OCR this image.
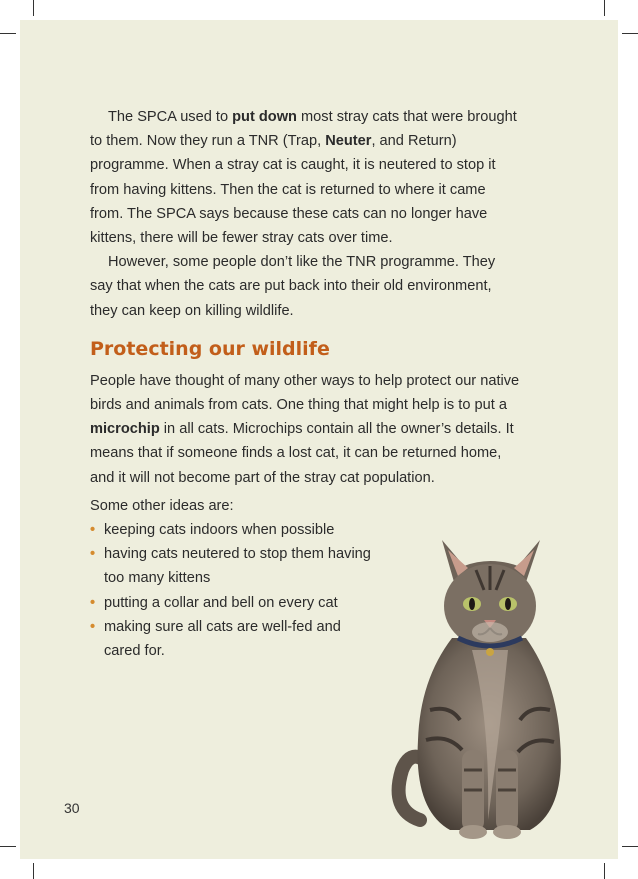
The SPCA used to put down most stray cats that were brought to them. Now they run a TNR (Trap, Neuter, and Return) programme. When a stray cat is caught, it is neutered to stop it from having kittens. Then the cat is returned to where it came from. The SPCA says because these cats can no longer have kittens, there will be fewer stray cats over time.

However, some people don’t like the TNR programme. They say that when the cats are put back into their old environment, they can keep on killing wildlife.

Protecting our wildlife

People have thought of many other ways to help protect our native birds and animals from cats. One thing that might help is to put a microchip in all cats. Microchips contain all the owner’s details. It means that if someone finds a lost cat, it can be returned home, and it will not become part of the stray cat population.

Some other ideas are:

• keeping cats indoors when possible
• having cats neutered to stop them having too many kittens
• putting a collar and bell on every cat
• making sure all cats are well-fed and cared for.
30
